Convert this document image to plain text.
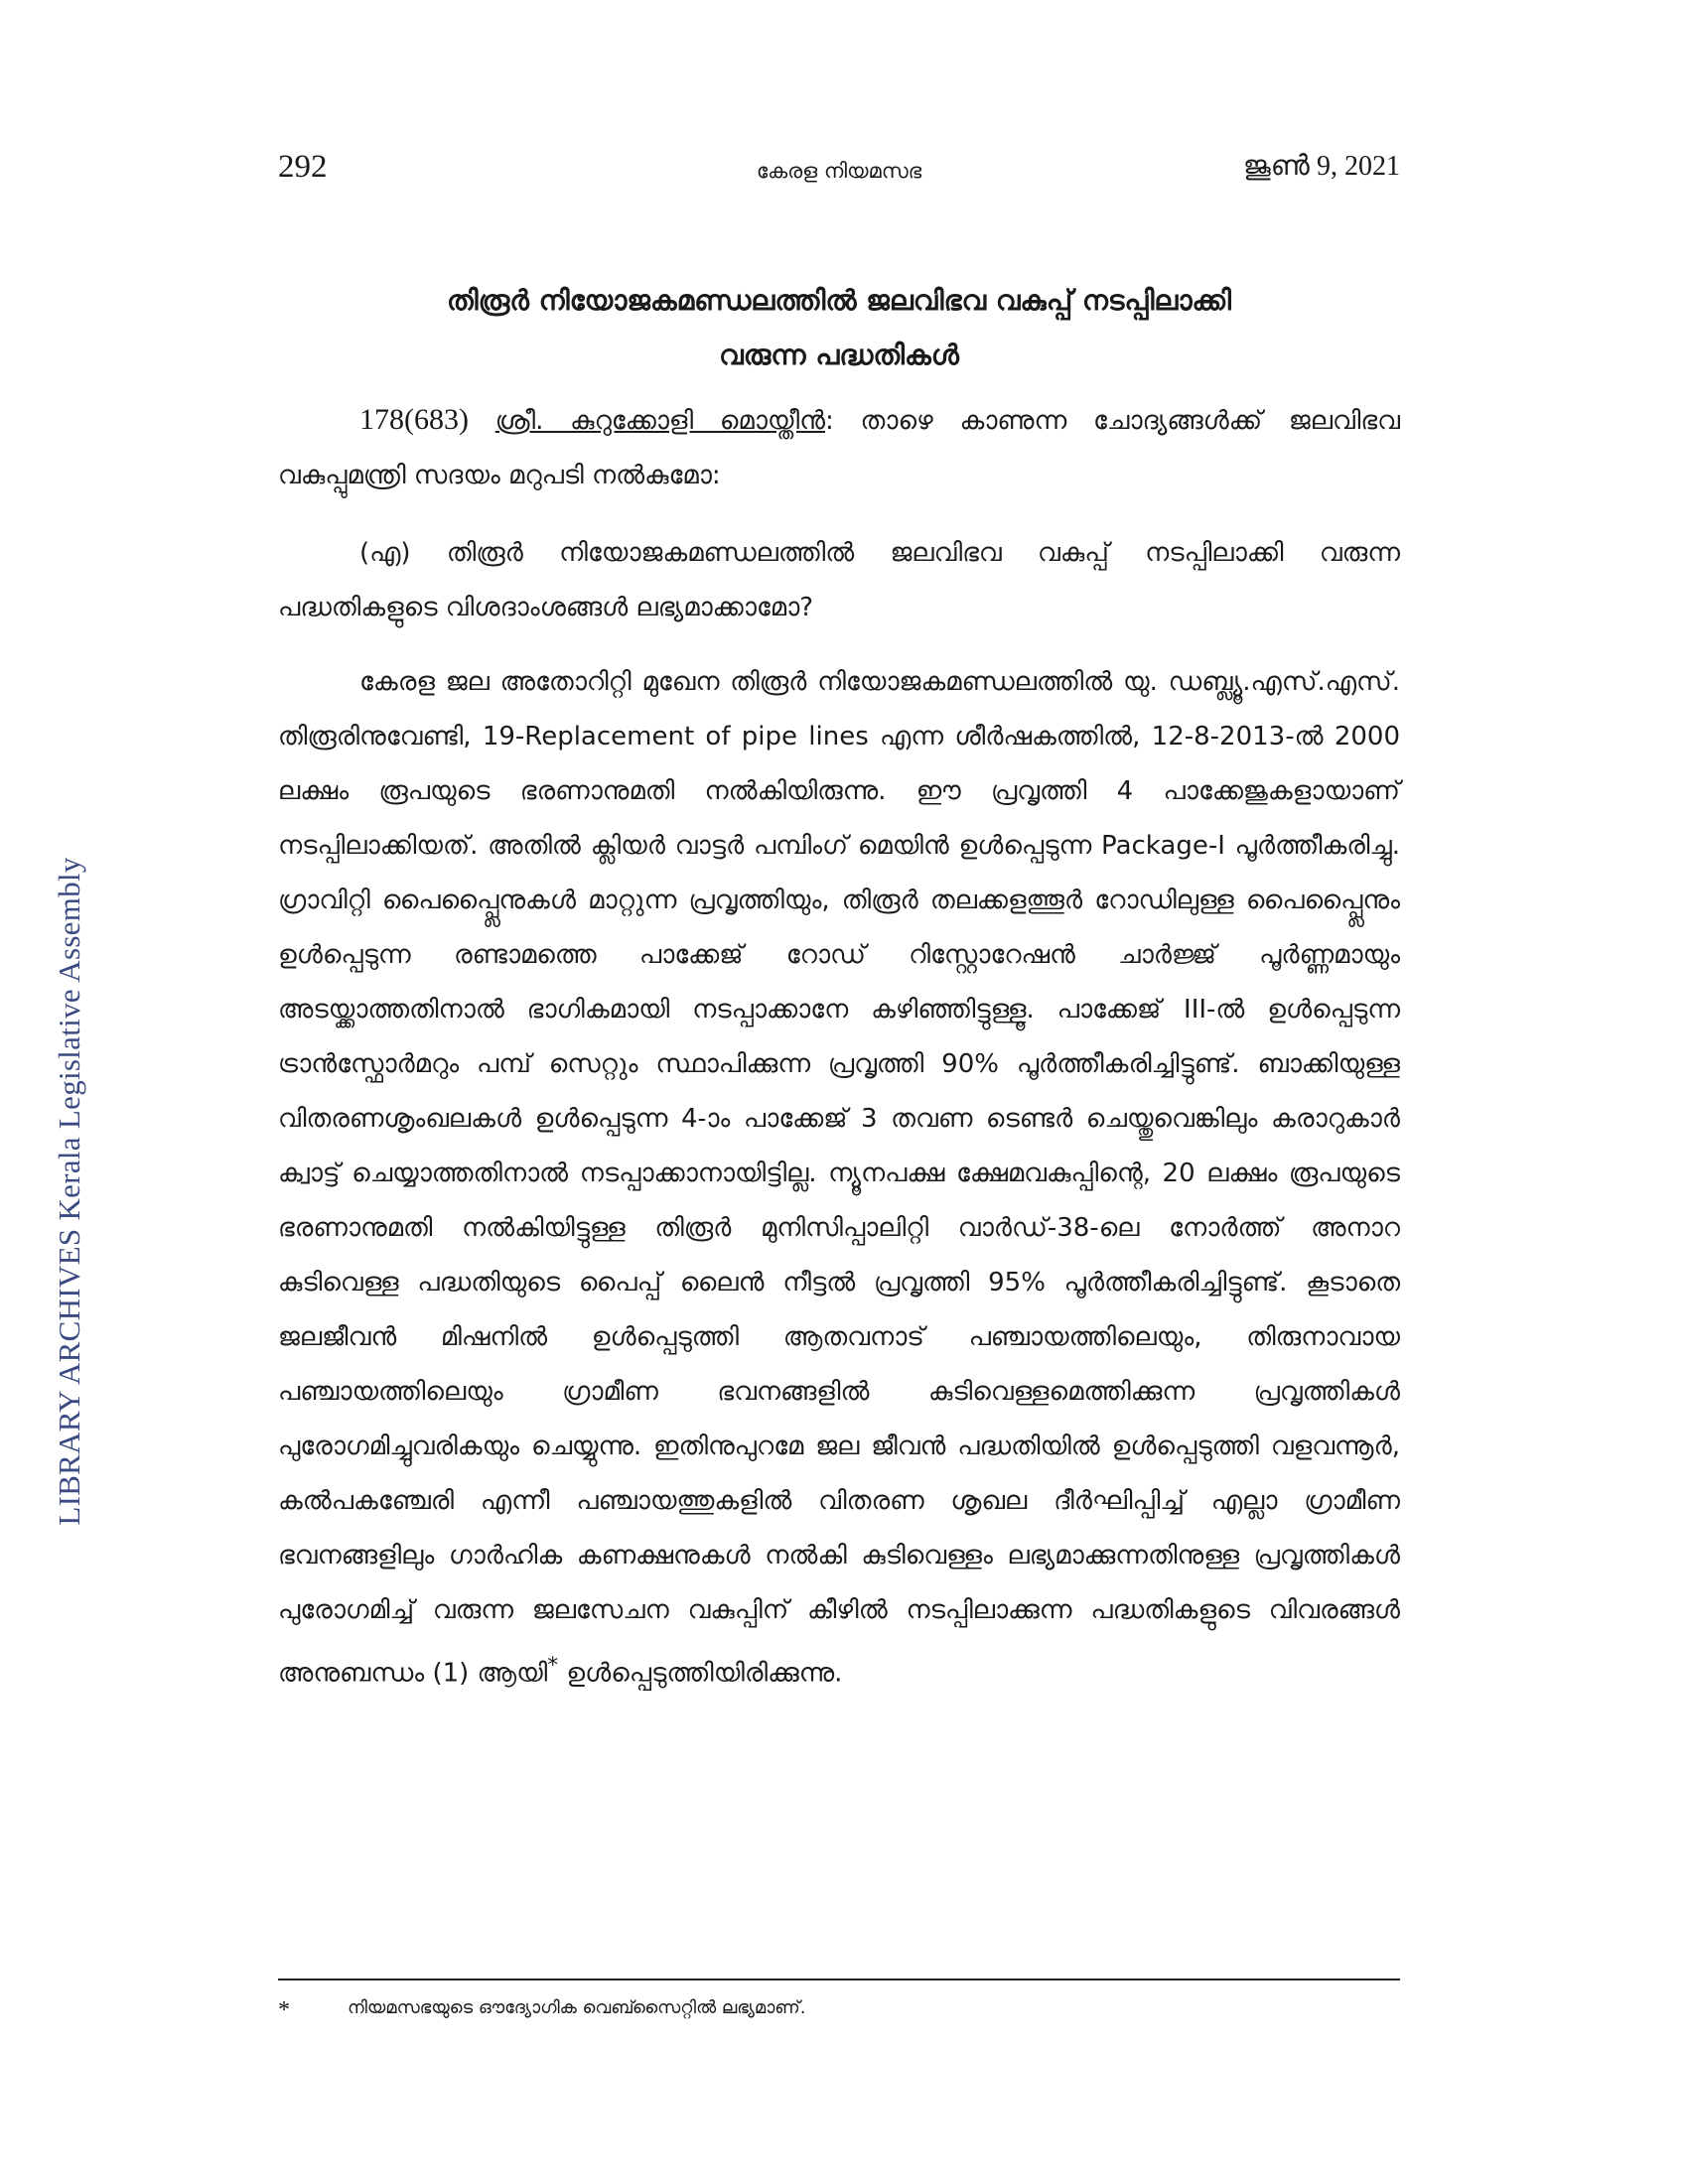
LIBRARY ARCHIVES Kerala Legislative Assembly
292	കേരള നിയമസഭ	ജൂൺ 9, 2021
തിരൂർ നിയോജകമണ്ഡലത്തിൽ ജലവിഭവ വകുപ്പ് നടപ്പിലാക്കി
വരുന്ന പദ്ധതികൾ

178(683) ശ്രീ. കുറുക്കോളി മൊയ്തീൻ: താഴെ കാണുന്ന ചോദ്യങ്ങൾക്ക് ജലവിഭവ വകുപ്പുമന്ത്രി സദയം മറുപടി നൽകുമോ:

(എ) തിരൂർ നിയോജകമണ്ഡലത്തിൽ ജലവിഭവ വകുപ്പ് നടപ്പിലാക്കി വരുന്ന പദ്ധതികളുടെ വിശദാംശങ്ങൾ ലഭ്യമാക്കാമോ?

കേരള ജല അതോറിറ്റി മുഖേന തിരൂർ നിയോജകമണ്ഡലത്തിൽ യു. ഡബ്ല്യൂ.എസ്.എസ്. തിരൂരിനുവേണ്ടി, 19-Replacement of pipe lines എന്ന ശീർഷകത്തിൽ, 12-8-2013-ൽ 2000 ലക്ഷം രൂപയുടെ ഭരണാനുമതി നൽകിയിരുന്നു. ഈ പ്രവൃത്തി 4 പാക്കേജുകളായാണ് നടപ്പിലാക്കിയത്. അതിൽ ക്ലിയർ വാട്ടർ പമ്പിംഗ് മെയിൻ ഉൾപ്പെടുന്ന Package-I പൂർത്തീകരിച്ചു. ഗ്രാവിറ്റി പൈപ്പ്ലൈനുകൾ മാറ്റുന്ന പ്രവൃത്തിയും, തിരൂർ തലക്കളത്തൂർ റോഡിലുള്ള പൈപ്പ്ലൈനും ഉൾപ്പെടുന്ന രണ്ടാമത്തെ പാക്കേജ് റോഡ് റിസ്റ്റോറേഷൻ ചാർജ്ജ് പൂർണ്ണമായും അടയ്ക്കാത്തതിനാൽ ഭാഗികമായി നടപ്പാക്കാനേ കഴിഞ്ഞിട്ടുള്ളൂ. പാക്കേജ് III-ൽ ഉൾപ്പെടുന്ന ട്രാൻസ്ഫോർമറും പമ്പ് സെറ്റും സ്ഥാപിക്കുന്ന പ്രവൃത്തി 90% പൂർത്തീകരിച്ചിട്ടുണ്ട്. ബാക്കിയുള്ള വിതരണശൃംഖലകൾ ഉൾപ്പെടുന്ന 4-ാം പാക്കേജ് 3 തവണ ടെണ്ടർ ചെയ്തുവെങ്കിലും കരാറുകാർ ക്വാട്ട് ചെയ്യാത്തതിനാൽ നടപ്പാക്കാനായിട്ടില്ല. ന്യൂനപക്ഷ ക്ഷേമവകുപ്പിന്റെ, 20 ലക്ഷം രൂപയുടെ ഭരണാനുമതി നൽകിയിട്ടുള്ള തിരൂർ മുനിസിപ്പാലിറ്റി വാർഡ്-38-ലെ നോർത്ത് അനാറ കുടിവെള്ള പദ്ധതിയുടെ പൈപ്പ് ലൈൻ നീട്ടൽ പ്രവൃത്തി 95% പൂർത്തീകരിച്ചിട്ടുണ്ട്. കൂടാതെ ജലജീവൻ മിഷനിൽ ഉൾപ്പെടുത്തി ആതവനാട് പഞ്ചായത്തിലെയും, തിരുനാവായ പഞ്ചായത്തിലെയും ഗ്രാമീണ ഭവനങ്ങളിൽ കുടിവെള്ളമെത്തിക്കുന്ന പ്രവൃത്തികൾ പുരോഗമിച്ചുവരികയും ചെയ്യുന്നു. ഇതിനുപുറമേ ജല ജീവൻ പദ്ധതിയിൽ ഉൾപ്പെടുത്തി വളവന്നൂർ, കൽപകഞ്ചേരി എന്നീ പഞ്ചായത്തുകളിൽ വിതരണ ശൃഖല ദീർഘിപ്പിച്ച് എല്ലാ ഗ്രാമീണ ഭവനങ്ങളിലും ഗാർഹിക കണക്ഷനുകൾ നൽകി കുടിവെള്ളം ലഭ്യമാക്കുന്നതിനുള്ള പ്രവൃത്തികൾ പുരോഗമിച്ച് വരുന്ന ജലസേചന വകുപ്പിന് കീഴിൽ നടപ്പിലാക്കുന്ന പദ്ധതികളുടെ വിവരങ്ങൾ അനുബന്ധം (1) ആയി* ഉൾപ്പെടുത്തിയിരിക്കുന്നു.

*	നിയമസഭയുടെ ഔദ്യോഗിക വെബ്സൈറ്റിൽ ലഭ്യമാണ്.
